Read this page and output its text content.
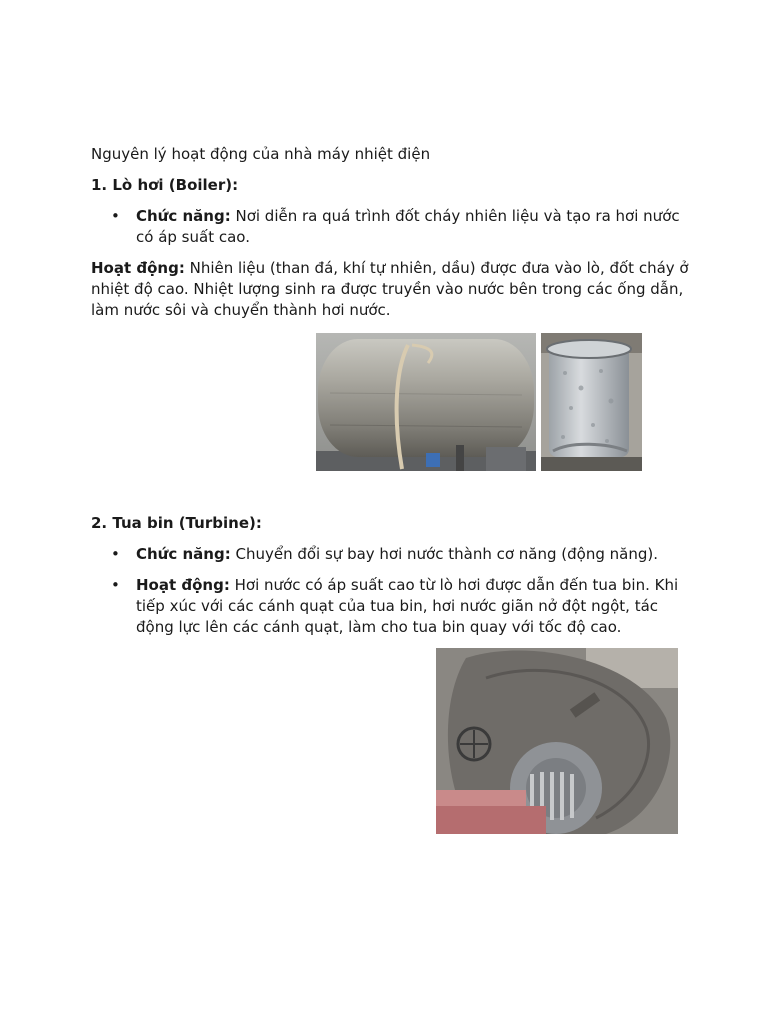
Nguyên lý hoạt động của nhà máy nhiệt điện

1. Lò hơi (Boiler):

• Chức năng: Nơi diễn ra quá trình đốt cháy nhiên liệu và tạo ra hơi nước có áp suất cao.

Hoạt động: Nhiên liệu (than đá, khí tự nhiên, dầu) được đưa vào lò, đốt cháy ở nhiệt độ cao. Nhiệt lượng sinh ra được truyền vào nước bên trong các ống dẫn, làm nước sôi và chuyển thành hơi nước.

2. Tua bin (Turbine):

• Chức năng: Chuyển đổi sự bay hơi nước thành cơ năng (động năng).
• Hoạt động: Hơi nước có áp suất cao từ lò hơi được dẫn đến tua bin. Khi tiếp xúc với các cánh quạt của tua bin, hơi nước giãn nở đột ngột, tác động lực lên các cánh quạt, làm cho tua bin quay với tốc độ cao.
